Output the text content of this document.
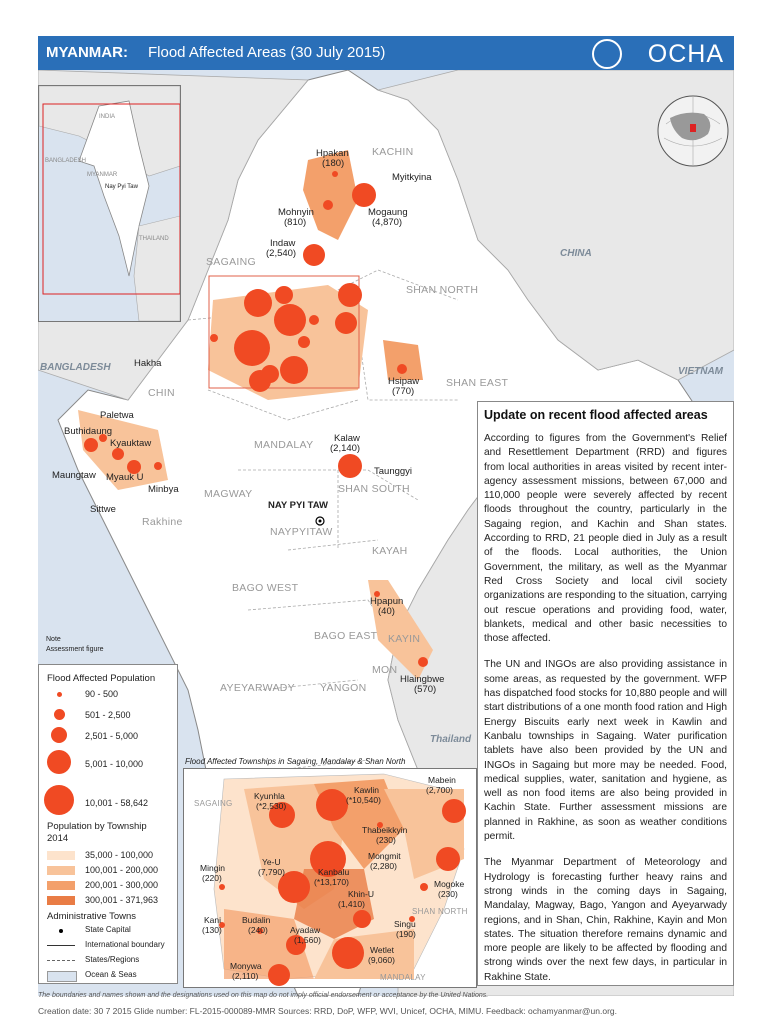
MYANMAR: Flood Affected Areas (30 July 2015)	OCHA
CHINA
BANGLADESH	VIETNAM
Thailand
KACHIN
SAGAING
SHAN NORTH
SHAN EAST
CHIN
MANDALAY
MAGWAY
Rakhine
SHAN SOUTH
NAYPYITAW
KAYAH
BAGO WEST
BAGO EAST KAYIN
MON
AYEYARWADY YANGON
Hpakan
(180)
Myitkyina
Mohnyin
(810)
Mogaung
(4,870)
Indaw
(2,540)
Hsipaw
(770)
Hakha
Paletwa
Buthidaung
Kyauktaw
Maungtaw Myauk U
Minbya
Sittwe
Kalaw
(2,140)
Taunggyi
NAY PYI TAW
Hpapun
(40)
Hlaingbwe
(570)
Note
Assessment figure
INDIA
BANGLADESH
MYANMAR
Nay Pyi Taw
THAILAND
Update on recent flood affected areas

According to figures from the Government's Relief and Resettlement Department (RRD) and figures from local authorities in areas visited by recent inter-agency assessment missions, between 67,000 and 110,000 people were severely affected by recent floods throughout the country, particularly in the Sagaing region, and Kachin and Shan states. According to RRD, 21 people died in July as a result of the floods. Local authorities, the Union Government, the military, as well as the Myanmar Red Cross Society and local civil society organizations are responding to the situation, carrying out rescue operations and providing food, water, blankets, medical and other basic necessities to those affected.

The UN and INGOs are also providing assistance in some areas, as requested by the government. WFP has dispatched food stocks for 10,880 people and will start distributions of a one month food ration and High Energy Biscuits early next week in Kawlin and Kanbalu townships in Sagaing. Water purification tablets have also been provided by the UN and INGOs in Sagaing but more may be needed. Food, medical supplies, water, sanitation and hygiene, as well as non food items are also being provided in Kachin State. Further assessment missions are planned in Rakhine, as soon as weather conditions permit.

The Myanmar Department of Meteorology and Hydrology is forecasting further heavy rains and strong winds in the coming days in Sagaing, Mandalay, Magway, Bago, Yangon and Ayeyarwady regions, and in Shan, Chin, Rakhine, Kayin and Mon states. The situation therefore remains dynamic and more people are likely to be affected by flooding and strong winds over the next few days, in particular in Rakhine State.

Flood Affected Population
90 - 500
501 - 2,500
2,501 - 5,000
5,001 - 10,000
10,001 - 58,642
Population by Township
2014
35,000 - 100,000
100,001 - 200,000
200,001 - 300,000
300,001 - 371,963
Administrative Towns
State Capital
International boundary
States/Regions
Ocean & Seas
Flood Affected Townships in Sagaing, Mandalay & Shan North
SAGAING
SHAN NORTH
MANDALAY
Kyunhla
(*2,530)
Kawlin
(*10,540)
Mabein
(2,700)
Thabeikkyin
(230)
Mongmit
(2,280)
Mingin
(220)
Ye-U
(7,790)	Kanbalu
(*13,170)	Mogoke
(230)
Khin-U
(1,410)
Kani
(130)
Budalin
(240)	Ayadaw
(1,560)
Singu
(190)
Wetlet
(9,060)
Monywa
(2,110)
The boundaries and names shown and the designations used on this map do not imply official endorsement or acceptance by the United Nations.
Creation date: 30 7 2015 Glide number: FL-2015-000089-MMR Sources: RRD, DoP, WFP, WVI, Unicef, OCHA, MIMU. Feedback: ochamyanmar@un.org.
